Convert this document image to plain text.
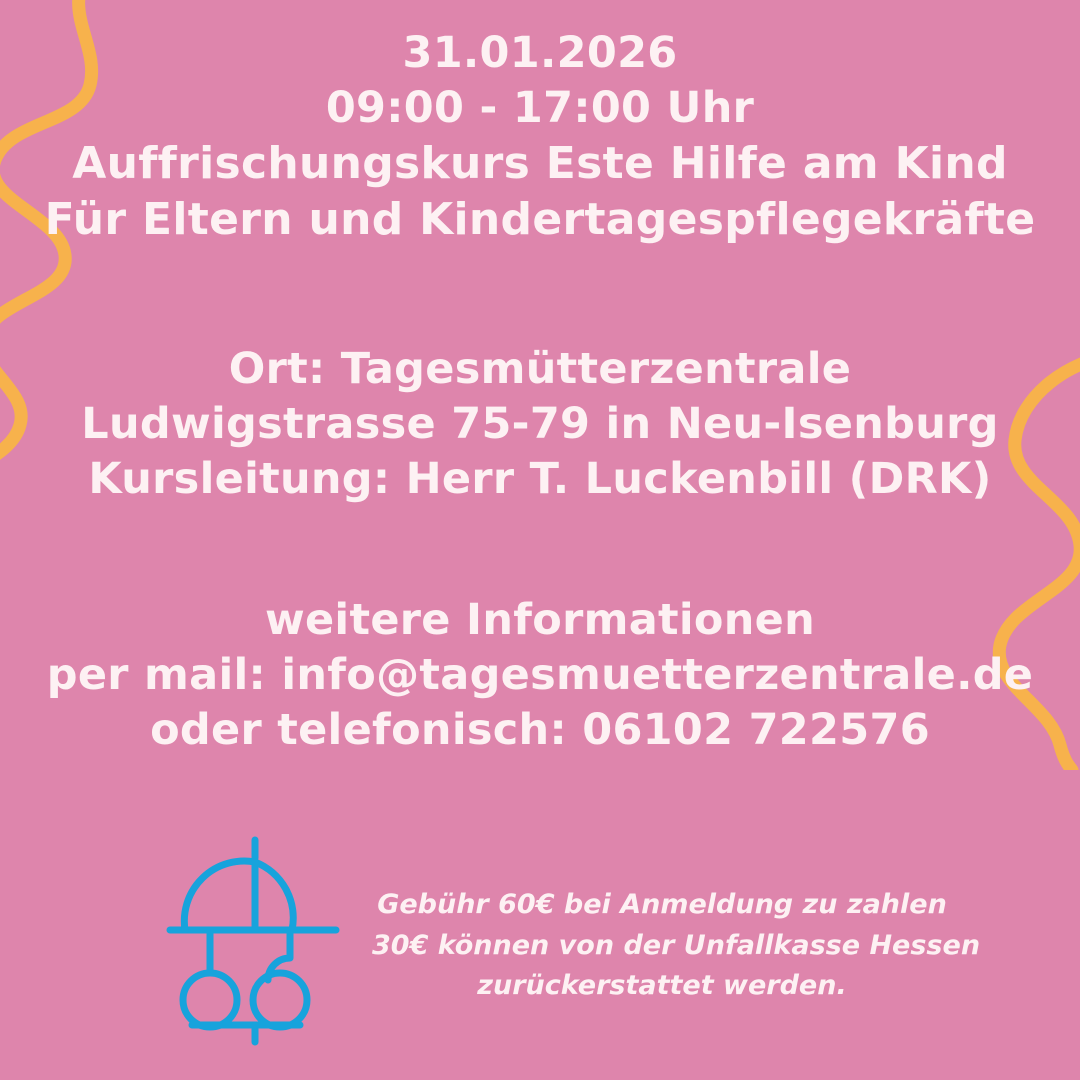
31.01.2026
09:00 - 17:00 Uhr
Auffrischungskurs Este Hilfe am Kind
Für Eltern und Kindertagespflegekräfte
Ort: Tagesmütterzentrale
Ludwigstrasse 75-79 in Neu-Isenburg
Kursleitung: Herr T. Luckenbill (DRK)
weitere Informationen
per mail: info@tagesmuetterzentrale.de
oder telefonisch: 06102 722576
Gebühr 60€ bei Anmeldung zu zahlen
30€ können von der Unfallkasse Hessen
zurückerstattet werden.
